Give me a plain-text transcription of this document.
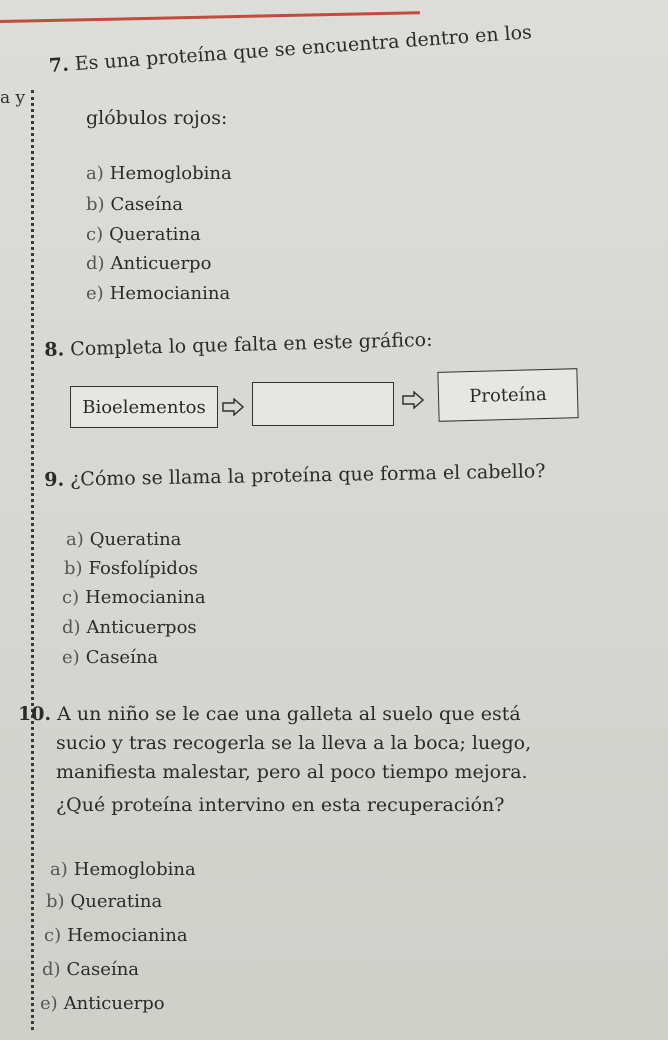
a y
7. Es una proteína que se encuentra dentro en los
glóbulos rojos:
a) Hemoglobina
b) Caseína
c) Queratina
d) Anticuerpo
e) Hemocianina
8. Completa lo que falta en este gráfico:
Bioelementos
Proteína
9. ¿Cómo se llama la proteína que forma el cabello?
a) Queratina
b) Fosfolípidos
c) Hemocianina
d) Anticuerpos
e) Caseína
10. A un niño se le cae una galleta al suelo que está
sucio y tras recogerla se la lleva a la boca; luego,
manifiesta malestar, pero al poco tiempo mejora.
¿Qué proteína intervino en esta recuperación?
a) Hemoglobina
b) Queratina
c) Hemocianina
d) Caseína
e) Anticuerpo
